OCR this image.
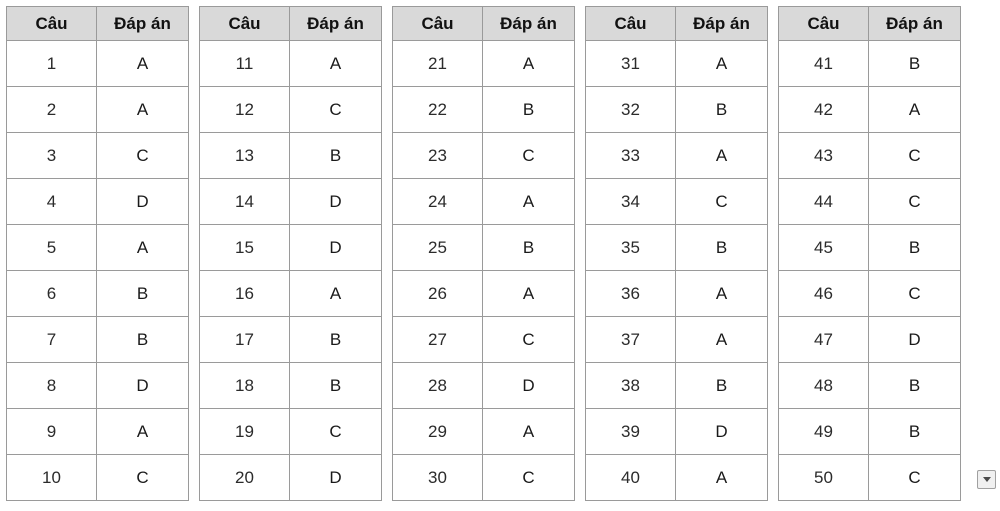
Câu	Đáp án
1	A
2	A
3	C
4	D
5	A
6	B
7	B
8	D
9	A
10	C
Câu	Đáp án
11	A
12	C
13	B
14	D
15	D
16	A
17	B
18	B
19	C
20	D
Câu	Đáp án
21	A
22	B
23	C
24	A
25	B
26	A
27	C
28	D
29	A
30	C
Câu	Đáp án
31	A
32	B
33	A
34	C
35	B
36	A
37	A
38	B
39	D
40	A
Câu	Đáp án
41	B
42	A
43	C
44	C
45	B
46	C
47	D
48	B
49	B
50	C
